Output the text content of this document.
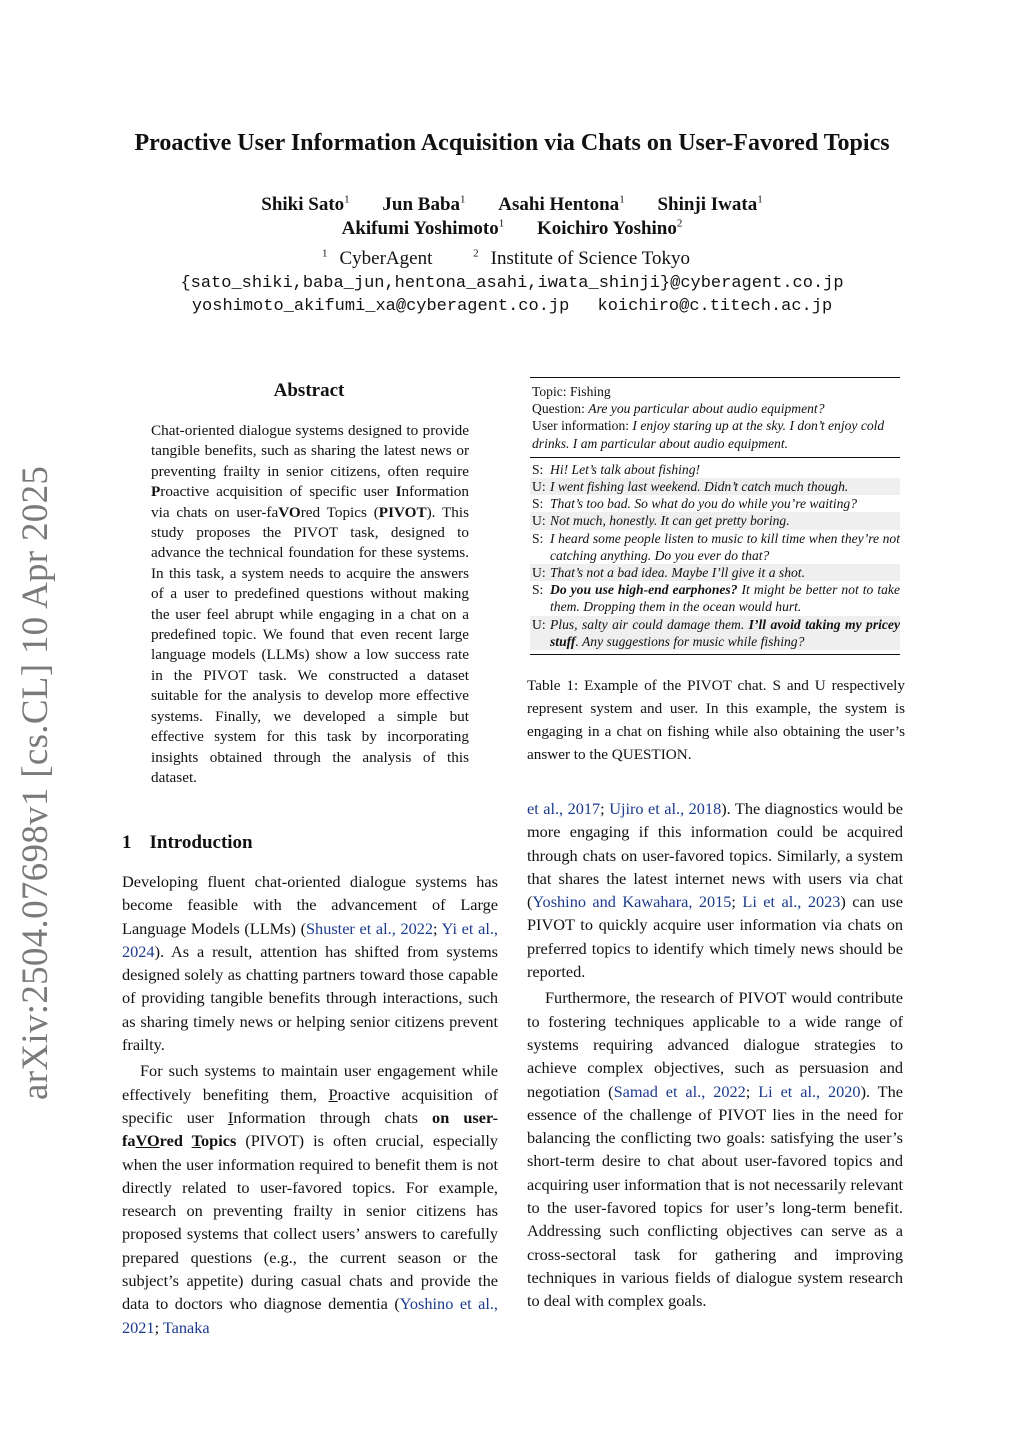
arXiv:2504.07698v1 [cs.CL] 10 Apr 2025
Proactive User Information Acquisition via Chats on User-Favored Topics
Shiki Sato$^1$ Jun Baba$^1$ Asahi Hentona$^1$ Shinji Iwata$^1$
Akifumi Yoshimoto$^1$ Koichiro Yoshino$^2$
$^1$ CyberAgent	$^2$ Institute of Science Tokyo
{sato_shiki,baba_jun,hentona_asahi,iwata_shinji}@cyberagent.co.jp
yoshimoto_akifumi_xa@cyberagent.co.jp koichiro@c.titech.ac.jp
Abstract
Chat-oriented dialogue systems designed to provide tangible benefits, such as sharing the latest news or preventing frailty in senior citizens, often require Proactive acquisition of specific user Information via chats on user-faVOred Topics (PIVOT). This study proposes the PIVOT task, designed to advance the technical foundation for these systems. In this task, a system needs to acquire the answers of a user to predefined questions without making the user feel abrupt while engaging in a chat on a predefined topic. We found that even recent large language models (LLMs) show a low success rate in the PIVOT task. We constructed a dataset suitable for the analysis to develop more effective systems. Finally, we developed a simple but effective system for this task by incorporating insights obtained through the analysis of this dataset.
1 Introduction

Developing fluent chat-oriented dialogue systems has become feasible with the advancement of Large Language Models (LLMs) (Shuster et al., 2022; Yi et al., 2024). As a result, attention has shifted from systems designed solely as chatting partners toward those capable of providing tangible benefits through interactions, such as sharing timely news or helping senior citizens prevent frailty.

For such systems to maintain user engagement while effectively benefiting them, Proactive acquisition of specific user Information through chats on user-faVOred Topics (PIVOT) is often crucial, especially when the user information required to benefit them is not directly related to user-favored topics. For example, research on preventing frailty in senior citizens has proposed systems that collect users’ answers to carefully prepared questions (e.g., the current season or the subject’s appetite) during casual chats and provide the data to doctors who diagnose dementia (Yoshino et al., 2021; Tanaka

Topic: Fishing
Question: Are you particular about audio equipment?
User information: I enjoy staring up at the sky. I don’t enjoy cold drinks. I am particular about audio equipment.
S: Hi! Let’s talk about fishing!
U: I went fishing last weekend. Didn’t catch much though.
S: That’s too bad. So what do you do while you’re waiting?
U: Not much, honestly. It can get pretty boring.
S: I heard some people listen to music to kill time when they’re not catching anything. Do you ever do that?
U: That’s not a bad idea. Maybe I’ll give it a shot.
S: Do you use high-end earphones? It might be better not to take them. Dropping them in the ocean would hurt.
U: Plus, salty air could damage them. I’ll avoid taking my pricey stuff. Any suggestions for music while fishing?
Table 1: Example of the PIVOT chat. S and U respectively represent system and user. In this example, the system is engaging in a chat on fishing while also obtaining the user’s answer to the QUESTION.

et al., 2017; Ujiro et al., 2018). The diagnostics would be more engaging if this information could be acquired through chats on user-favored topics. Similarly, a system that shares the latest internet news with users via chat (Yoshino and Kawahara, 2015; Li et al., 2023) can use PIVOT to quickly acquire user information via chats on preferred topics to identify which timely news should be reported.

Furthermore, the research of PIVOT would contribute to fostering techniques applicable to a wide range of systems requiring advanced dialogue strategies to achieve complex objectives, such as persuasion and negotiation (Samad et al., 2022; Li et al., 2020). The essence of the challenge of PIVOT lies in the need for balancing the conflicting two goals: satisfying the user’s short-term desire to chat about user-favored topics and acquiring user information that is not necessarily relevant to the user-favored topics for user’s long-term benefit. Addressing such conflicting objectives can serve as a cross-sectoral task for gathering and improving techniques in various fields of dialogue system research to deal with complex goals.
